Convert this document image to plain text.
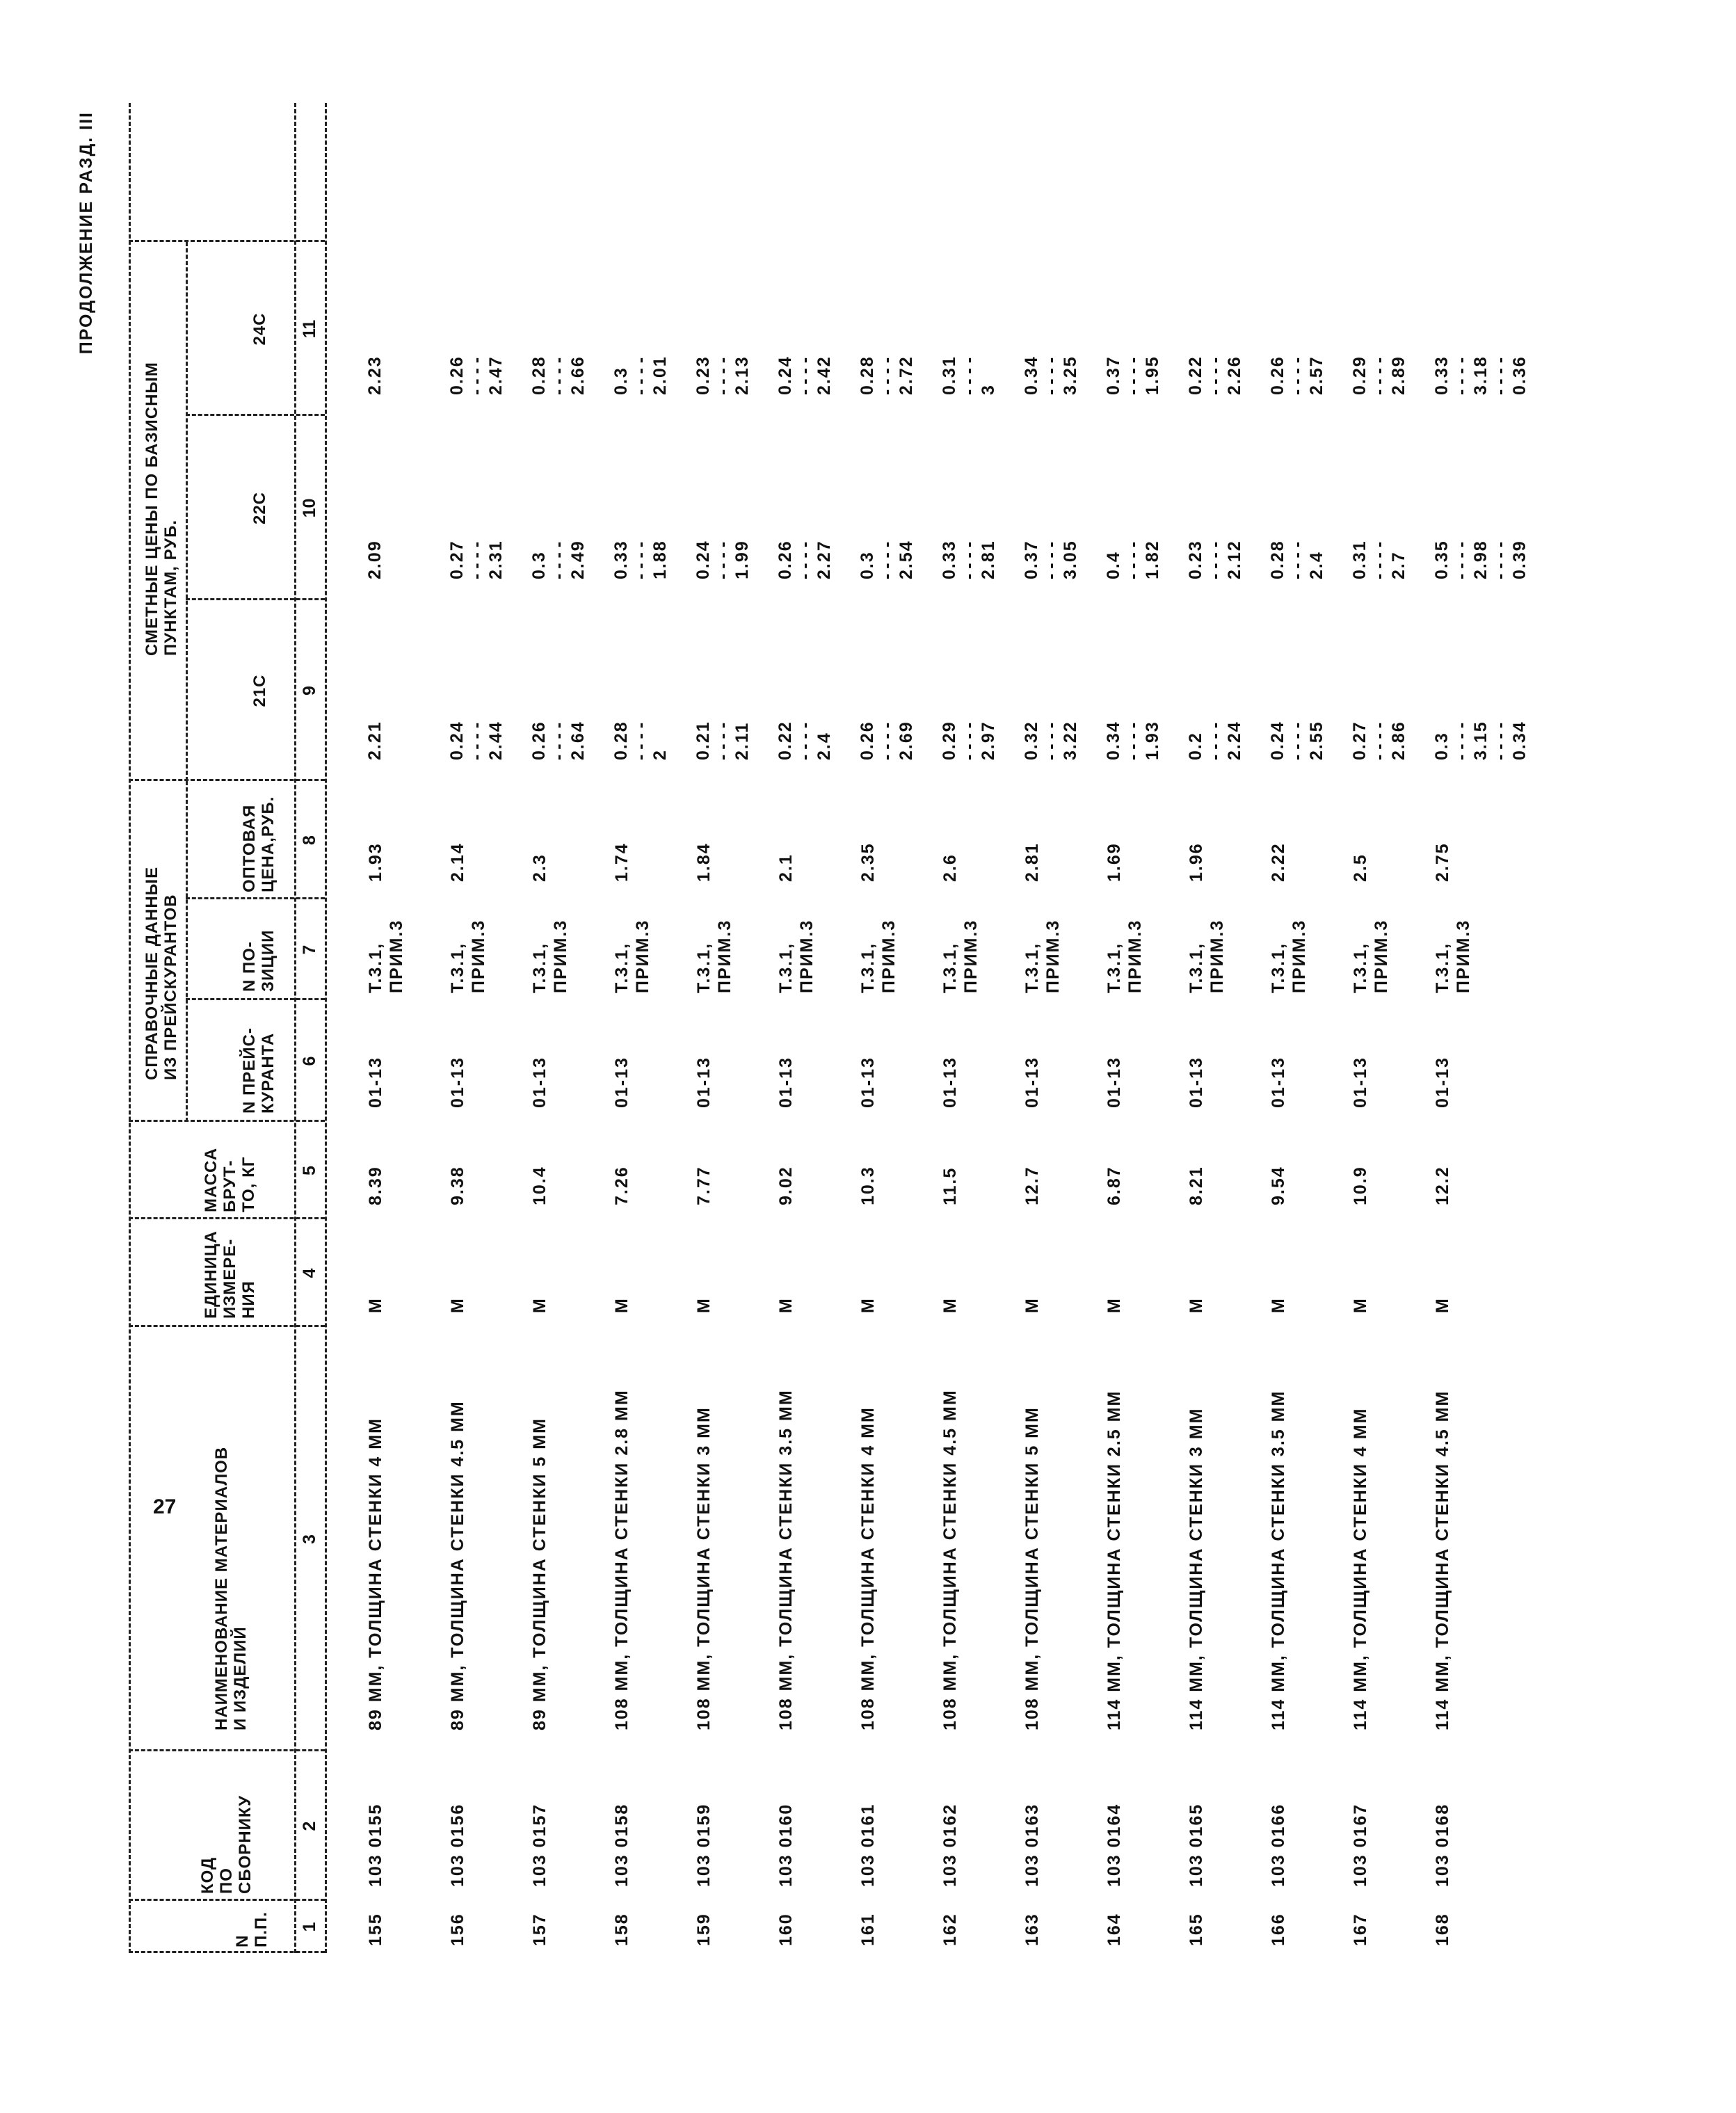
ПРОДОЛЖЕНИЕ РАЗД. III
N
П.П.
КОД
ПО
СБОРНИКУ
НАИМЕНОВАНИЕ МАТЕРИАЛОВ
И ИЗДЕЛИЙ
ЕДИНИЦА
ИЗМЕРЕ-
НИЯ
МАССА
БРУТ-
ТО, КГ
СПРАВОЧНЫЕ ДАННЫЕ
ИЗ ПРЕЙСКУРАНТОВ
N ПРЕЙС-
КУРАНТА
N ПО-
ЗИЦИИ
ОПТОВАЯ
ЦЕНА,РУБ.
СМЕТНЫЕ ЦЕНЫ ПО БАЗИСНЫМ
ПУНКТАМ, РУБ.
21С
22С
24С
1
2
3
4
5
6
7
8
9
10
11
155
103 0155
89 ММ, ТОЛЩИНА СТЕНКИ 4 ММ
М
8.39
01-13
Т.3.1,
ПРИМ.3
1.93
2.21
2.09
2.23
156
103 0156
89 ММ, ТОЛЩИНА СТЕНКИ 4.5 ММ
М
9.38
01-13
Т.3.1,
ПРИМ.3
2.14
0.24 - - - - 2.44
0.27 - - - - 2.31
0.26 - - - - 2.47
157
103 0157
89 ММ, ТОЛЩИНА СТЕНКИ 5 ММ
М
10.4
01-13
Т.3.1,
ПРИМ.3
2.3
0.26 - - - - 2.64
0.3 - - - - 2.49
0.28 - - - - 2.66
158
103 0158
108 ММ, ТОЛЩИНА СТЕНКИ 2.8 ММ
М
7.26
01-13
Т.3.1,
ПРИМ.3
1.74
0.28 - - - - 2
0.33 - - - - 1.88
0.3 - - - - 2.01
159
103 0159
108 ММ, ТОЛЩИНА СТЕНКИ 3 ММ
М
7.77
01-13
Т.3.1,
ПРИМ.3
1.84
0.21 - - - - 2.11
0.24 - - - - 1.99
0.23 - - - - 2.13
160
103 0160
108 ММ, ТОЛЩИНА СТЕНКИ 3.5 ММ
М
9.02
01-13
Т.3.1,
ПРИМ.3
2.1
0.22 - - - - 2.4
0.26 - - - - 2.27
0.24 - - - - 2.42
161
103 0161
108 ММ, ТОЛЩИНА СТЕНКИ 4 ММ
М
10.3
01-13
Т.3.1,
ПРИМ.3
2.35
0.26 - - - - 2.69
0.3 - - - - 2.54
0.28 - - - - 2.72
162
103 0162
108 ММ, ТОЛЩИНА СТЕНКИ 4.5 ММ
М
11.5
01-13
Т.3.1,
ПРИМ.3
2.6
0.29 - - - - 2.97
0.33 - - - - 2.81
0.31 - - - - 3
163
103 0163
108 ММ, ТОЛЩИНА СТЕНКИ 5 ММ
М
12.7
01-13
Т.3.1,
ПРИМ.3
2.81
0.32 - - - - 3.22
0.37 - - - - 3.05
0.34 - - - - 3.25
164
103 0164
114 ММ, ТОЛЩИНА СТЕНКИ 2.5 ММ
М
6.87
01-13
Т.3.1,
ПРИМ.3
1.69
0.34 - - - - 1.93
0.4 - - - - 1.82
0.37 - - - - 1.95
165
103 0165
114 ММ, ТОЛЩИНА СТЕНКИ 3 ММ
М
8.21
01-13
Т.3.1,
ПРИМ.3
1.96
0.2 - - - - 2.24
0.23 - - - - 2.12
0.22 - - - - 2.26
166
103 0166
114 ММ, ТОЛЩИНА СТЕНКИ 3.5 ММ
М
9.54
01-13
Т.3.1,
ПРИМ.3
2.22
0.24 - - - - 2.55
0.28 - - - - 2.4
0.26 - - - - 2.57
167
103 0167
114 ММ, ТОЛЩИНА СТЕНКИ 4 ММ
М
10.9
01-13
Т.3.1,
ПРИМ.3
2.5
0.27 - - - - 2.86
0.31 - - - - 2.7
0.29 - - - - 2.89
168
103 0168
114 ММ, ТОЛЩИНА СТЕНКИ 4.5 ММ
М
12.2
01-13
Т.3.1,
ПРИМ.3
2.75
0.3 - - - - 3.15 - - - - 0.34
0.35 - - - - 2.98 - - - - 0.39
0.33 - - - - 3.18 - - - - 0.36
27
